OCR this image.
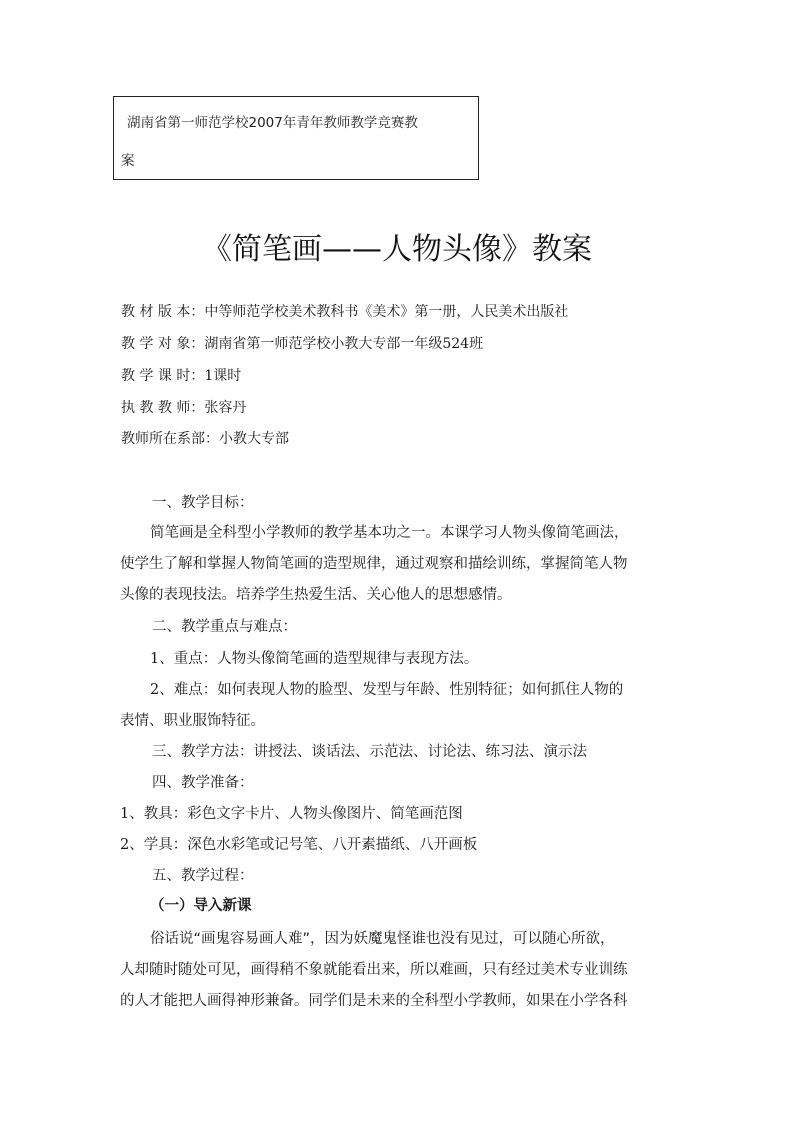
湖南省第一师范学校2007年青年教师教学竞赛教
案
《简笔画——人物头像》教案
教 材 版 本：中等师范学校美术教科书《美术》第一册，人民美术出版社
教 学 对 象：湖南省第一师范学校小教大专部一年级524班
教 学 课 时：1课时
执 教 教 师：张容丹
教师所在系部：小教大专部
一、教学目标：
简笔画是全科型小学教师的教学基本功之一。本课学习人物头像简笔画法，
使学生了解和掌握人物简笔画的造型规律，通过观察和描绘训练，掌握简笔人物
头像的表现技法。培养学生热爱生活、关心他人的思想感情。
二、教学重点与难点：
1、重点：人物头像简笔画的造型规律与表现方法。
2、难点：如何表现人物的脸型、发型与年龄、性别特征；如何抓住人物的
表情、职业服饰特征。
三、教学方法：讲授法、谈话法、示范法、讨论法、练习法、演示法
四、教学准备：
1、教具：彩色文字卡片、人物头像图片、简笔画范图
2、学具：深色水彩笔或记号笔、八开素描纸、八开画板
五、教学过程：
（一）导入新课
俗话说“画鬼容易画人难”，因为妖魔鬼怪谁也没有见过，可以随心所欲，
人却随时随处可见，画得稍不象就能看出来，所以难画，只有经过美术专业训练
的人才能把人画得神形兼备。同学们是未来的全科型小学教师，如果在小学各科
